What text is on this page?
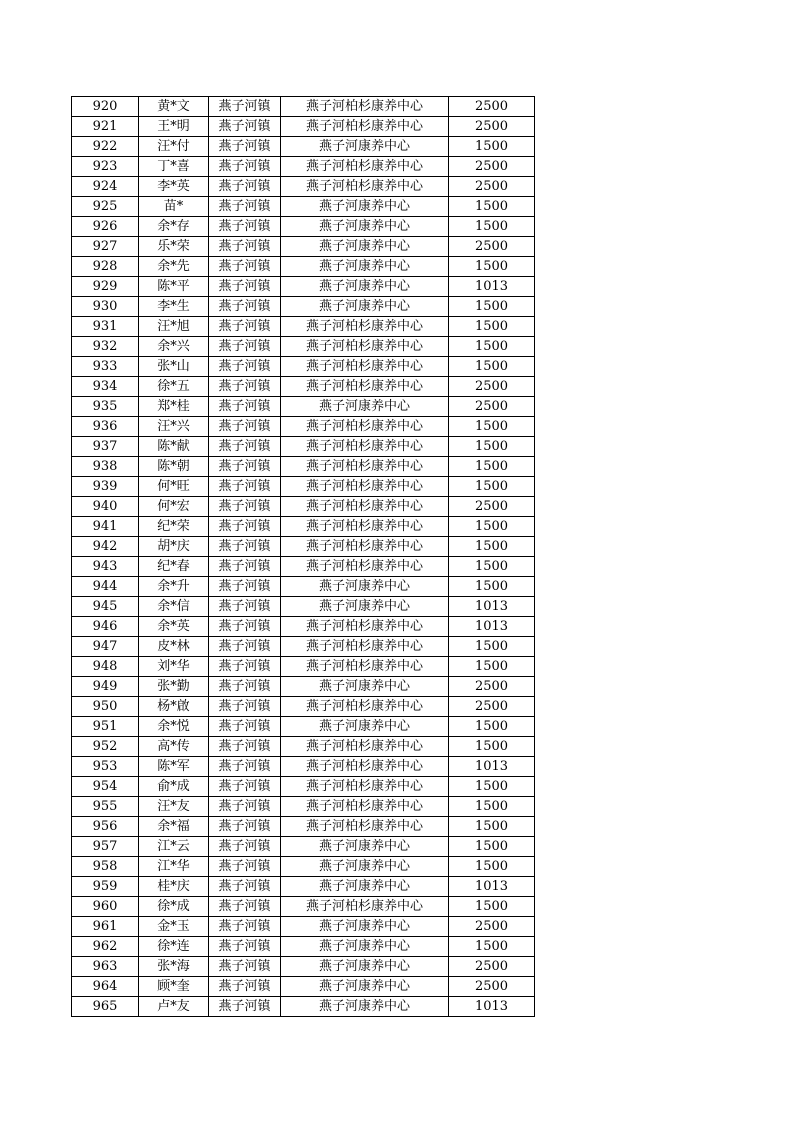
920	黄*文	燕子河镇	燕子河柏杉康养中心	2500
921	王*明	燕子河镇	燕子河柏杉康养中心	2500
922	汪*付	燕子河镇	燕子河康养中心	1500
923	丁*喜	燕子河镇	燕子河柏杉康养中心	2500
924	李*英	燕子河镇	燕子河柏杉康养中心	2500
925	苗*	燕子河镇	燕子河康养中心	1500
926	余*存	燕子河镇	燕子河康养中心	1500
927	乐*荣	燕子河镇	燕子河康养中心	2500
928	余*先	燕子河镇	燕子河康养中心	1500
929	陈*平	燕子河镇	燕子河康养中心	1013
930	李*生	燕子河镇	燕子河康养中心	1500
931	汪*旭	燕子河镇	燕子河柏杉康养中心	1500
932	余*兴	燕子河镇	燕子河柏杉康养中心	1500
933	张*山	燕子河镇	燕子河柏杉康养中心	1500
934	徐*五	燕子河镇	燕子河柏杉康养中心	2500
935	郑*桂	燕子河镇	燕子河康养中心	2500
936	汪*兴	燕子河镇	燕子河柏杉康养中心	1500
937	陈*献	燕子河镇	燕子河柏杉康养中心	1500
938	陈*朝	燕子河镇	燕子河柏杉康养中心	1500
939	何*旺	燕子河镇	燕子河柏杉康养中心	1500
940	何*宏	燕子河镇	燕子河柏杉康养中心	2500
941	纪*荣	燕子河镇	燕子河柏杉康养中心	1500
942	胡*庆	燕子河镇	燕子河柏杉康养中心	1500
943	纪*春	燕子河镇	燕子河柏杉康养中心	1500
944	余*升	燕子河镇	燕子河康养中心	1500
945	余*信	燕子河镇	燕子河康养中心	1013
946	余*英	燕子河镇	燕子河柏杉康养中心	1013
947	皮*林	燕子河镇	燕子河柏杉康养中心	1500
948	刘*华	燕子河镇	燕子河柏杉康养中心	1500
949	张*勤	燕子河镇	燕子河康养中心	2500
950	杨*啟	燕子河镇	燕子河柏杉康养中心	2500
951	余*悦	燕子河镇	燕子河康养中心	1500
952	高*传	燕子河镇	燕子河柏杉康养中心	1500
953	陈*军	燕子河镇	燕子河柏杉康养中心	1013
954	俞*成	燕子河镇	燕子河柏杉康养中心	1500
955	汪*友	燕子河镇	燕子河柏杉康养中心	1500
956	余*福	燕子河镇	燕子河柏杉康养中心	1500
957	江*云	燕子河镇	燕子河康养中心	1500
958	江*华	燕子河镇	燕子河康养中心	1500
959	桂*庆	燕子河镇	燕子河康养中心	1013
960	徐*成	燕子河镇	燕子河柏杉康养中心	1500
961	金*玉	燕子河镇	燕子河康养中心	2500
962	徐*连	燕子河镇	燕子河康养中心	1500
963	张*海	燕子河镇	燕子河康养中心	2500
964	顾*奎	燕子河镇	燕子河康养中心	2500
965	卢*友	燕子河镇	燕子河康养中心	1013
